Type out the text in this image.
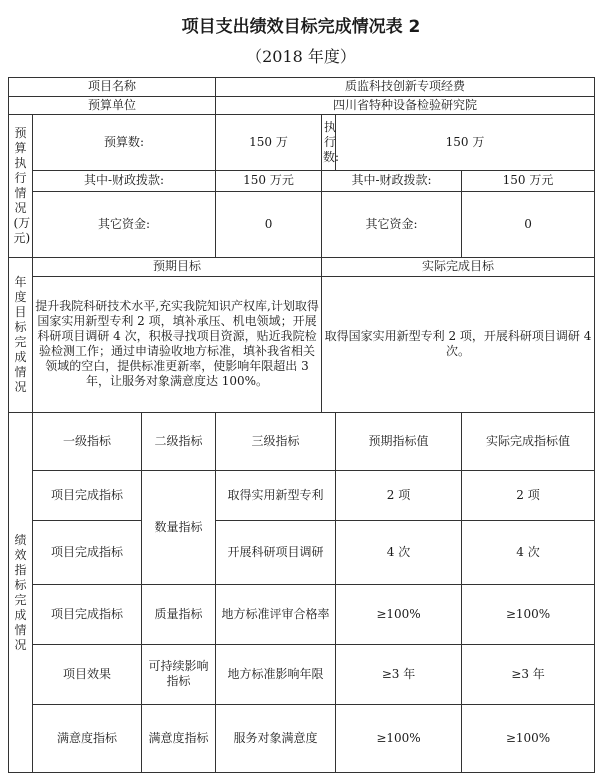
项目支出绩效目标完成情况表 2
（2018 年度）
项目名称			质监科技创新专项经费			
预算单位			四川省特种设备检验研究院			

预算执行情况(万元)	预算数:		150 万	执行数:	150 万	
	其中-财政拨款:		150 万元	其中-财政拨款:		150 万元
	其它资金:		0	其它资金:		0

年度目标完成情况	预期目标			实际完成目标		
	提升我院科研技术水平,充实我院知识产权库,计划取得国家实用新型专利 2 项，填补承压、机电领域；开展科研项目调研 4 次，积极寻找项目资源，贴近我院检验检测工作；通过申请验收地方标准，填补我省相关领域的空白，提供标准更新率，使影响年限超出 3 年，让服务对象满意度达 100%。			取得国家实用新型专利 2 项，开展科研项目调研 4 次。		

绩效指标完成情况	一级指标	二级指标	三级指标		预期指标值	实际完成指标值
	项目完成指标	数量指标	取得实用新型专利		2 项	2 项
	项目完成指标		开展科研项目调研		4 次	4 次
	项目完成指标	质量指标	地方标准评审合格率		≥100%	≥100%
	项目效果	可持续影响指标	地方标准影响年限		≥3 年	≥3 年
	满意度指标	满意度指标	服务对象满意度		≥100%	≥100%
